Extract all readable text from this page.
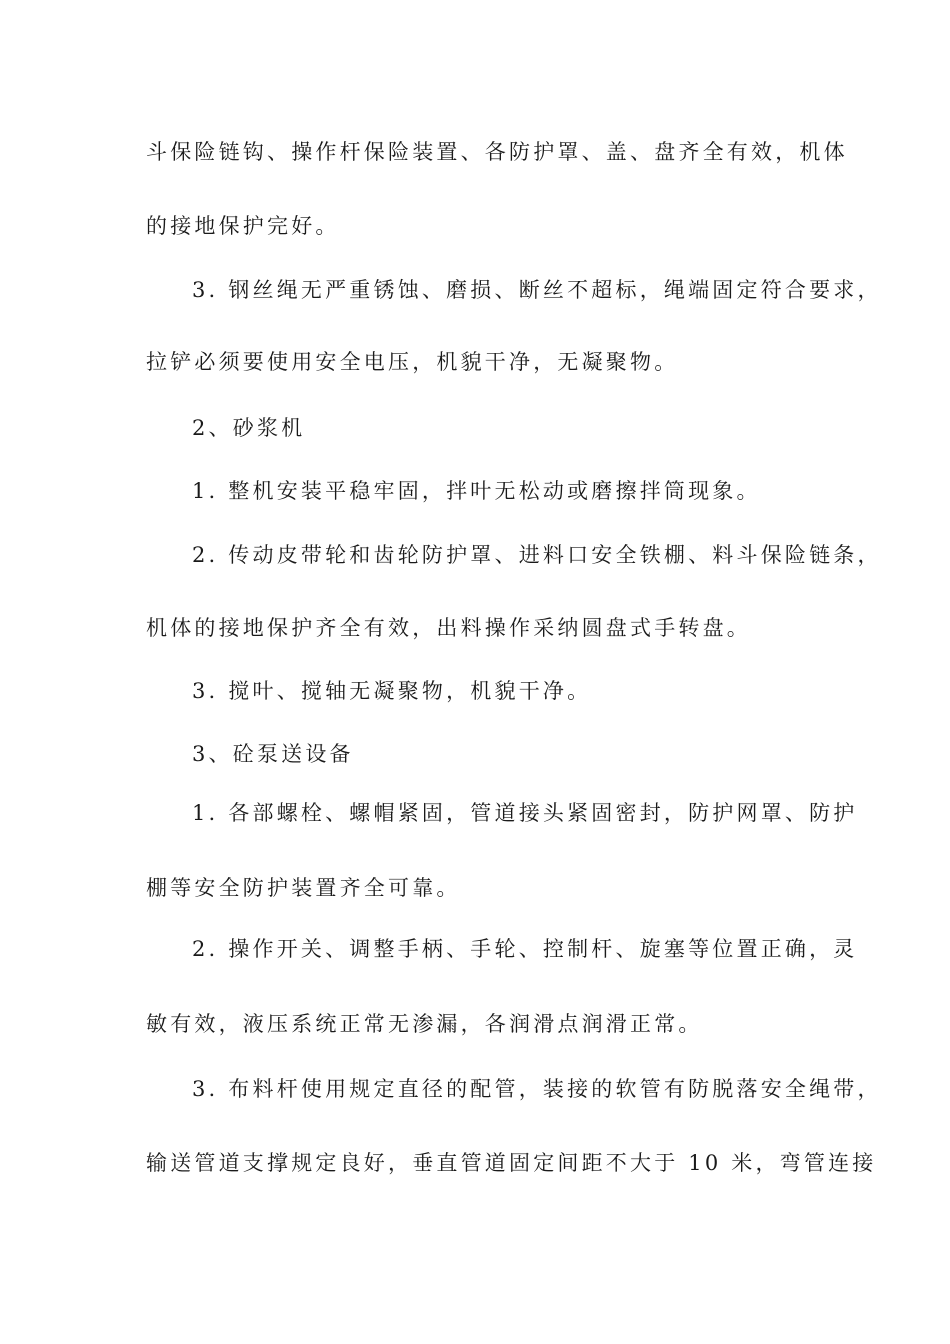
斗保险链钩、操作杆保险装置、各防护罩、盖、盘齐全有效，机体
的接地保护完好。
3. 钢丝绳无严重锈蚀、磨损、断丝不超标，绳端固定符合要求，
拉铲必须要使用安全电压，机貌干净，无凝聚物。
2、砂浆机
1. 整机安装平稳牢固，拌叶无松动或磨擦拌筒现象。
2. 传动皮带轮和齿轮防护罩、进料口安全铁棚、料斗保险链条，
机体的接地保护齐全有效，出料操作采纳圆盘式手转盘。
3. 搅叶、搅轴无凝聚物，机貌干净。
3、砼泵送设备
1. 各部螺栓、螺帽紧固，管道接头紧固密封，防护网罩、防护
棚等安全防护装置齐全可靠。
2. 操作开关、调整手柄、手轮、控制杆、旋塞等位置正确，灵
敏有效，液压系统正常无渗漏，各润滑点润滑正常。
3. 布料杆使用规定直径的配管，装接的软管有防脱落安全绳带，
输送管道支撑规定良好，垂直管道固定间距不大于 10 米，弯管连接
